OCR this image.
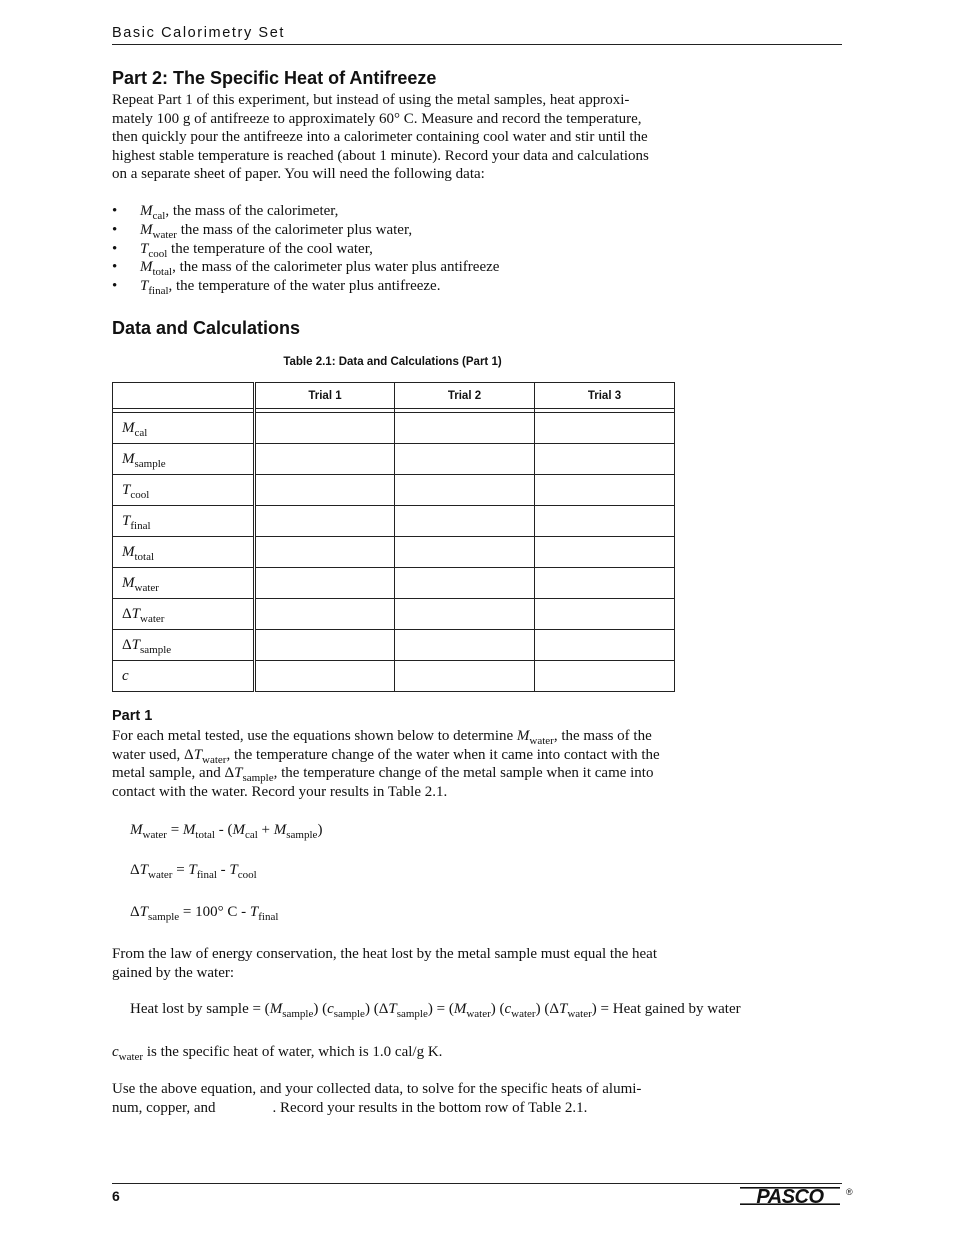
Basic Calorimetry Set
Part 2: The Specific Heat of Antifreeze
Repeat Part 1 of this experiment, but instead of using the metal samples, heat approxi-
mately 100 g of antifreeze to approximately 60° C. Measure and record the temperature,
then quickly pour the antifreeze into a calorimeter containing cool water and stir until the
highest stable temperature is reached (about 1 minute). Record your data and calculations
on a separate sheet of paper. You will need the following data:
• $M_{cal}$, the mass of the calorimeter,
• $M_{water}$ the mass of the calorimeter plus water,
• $T_{cool}$ the temperature of the cool water,
• $M_{total}$, the mass of the calorimeter plus water plus antifreeze
• $T_{final}$, the temperature of the water plus antifreeze.
Data and Calculations
Table 2.1: Data and Calculations (Part 1)
	Trial 1	Trial 2	Trial 3

$M_{cal}$			
$M_{sample}$			
$T_{cool}$			
$T_{final}$			
$M_{total}$			
$M_{water}$			
$\Delta T_{water}$			
$\Delta T_{sample}$			
c			
Part 1
For each metal tested, use the equations shown below to determine $M_{water}$, the mass of the water used, $\Delta T_{water}$, the temperature change of the water when it came into contact with the metal sample, and $\Delta T_{sample}$, the temperature change of the metal sample when it came into contact with the water. Record your results in Table 2.1.
$M_{water} = M_{total} - (M_{cal} + M_{sample})$
$\Delta T_{water} = T_{final} - T_{cool}$
$\Delta T_{sample} = 100^\circ$ C - $T_{final}$
From the law of energy conservation, the heat lost by the metal sample must equal the heat gained by the water:
Heat lost by sample = $(M_{sample})$ $(c_{sample}) (\Delta T_{sample}) = (M_{water})$ $(c_{water}) (\Delta T_{water})$ = Heat gained by water
$c_{water}$ is the specific heat of water, which is 1.0 cal/g K.
Use the above equation, and your collected data, to solve for the specific heats of alumi-
num, copper, and	. Record your results in the bottom row of Table 2.1.
6	PASCO ®
